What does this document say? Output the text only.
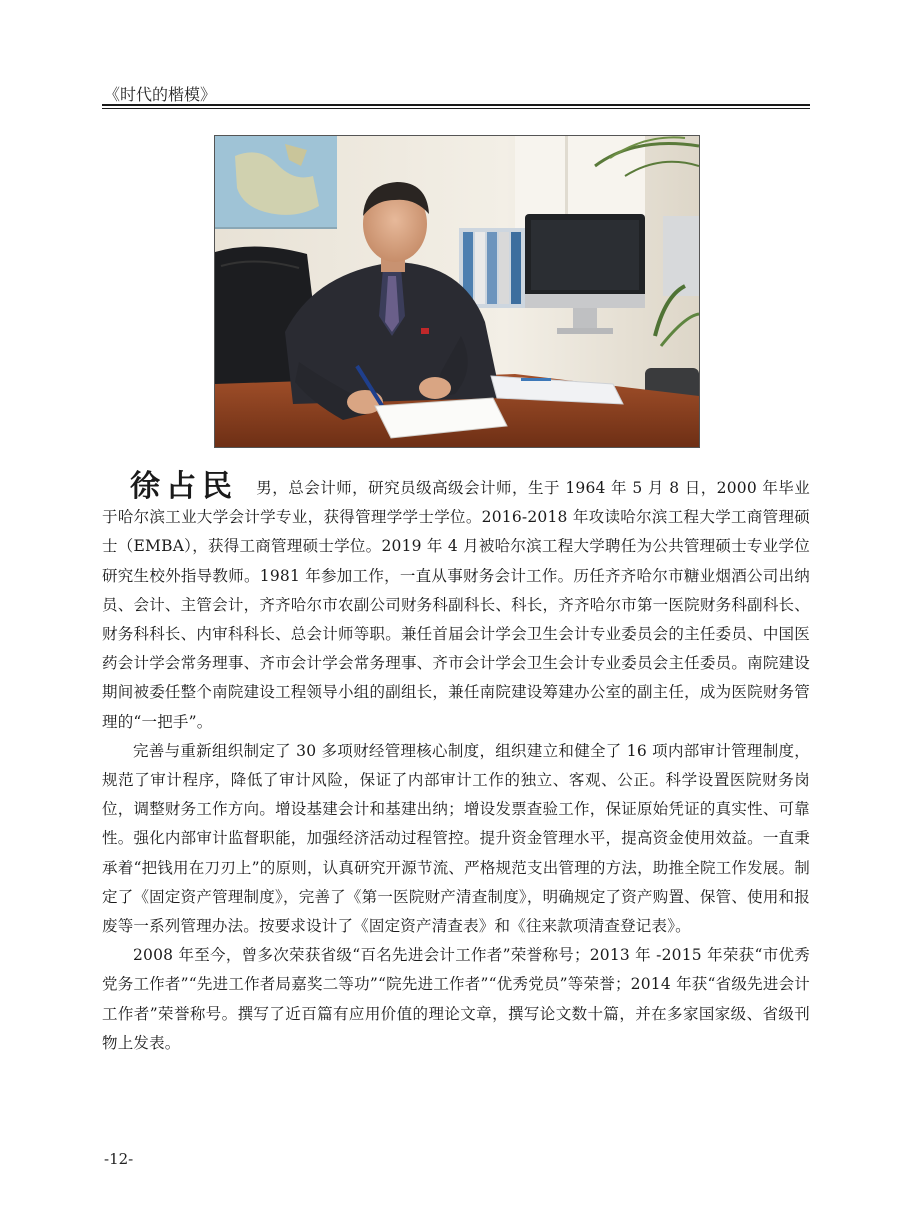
《时代的楷模》

徐占民 男，总会计师，研究员级高级会计师，生于 1964 年 5 月 8 日，2000 年毕业于哈尔滨工业大学会计学专业，获得管理学学士学位。2016-2018 年攻读哈尔滨工程大学工商管理硕士（EMBA），获得工商管理硕士学位。2019 年 4 月被哈尔滨工程大学聘任为公共管理硕士专业学位研究生校外指导教师。1981 年参加工作，一直从事财务会计工作。历任齐齐哈尔市糖业烟酒公司出纳员、会计、主管会计，齐齐哈尔市农副公司财务科副科长、科长，齐齐哈尔市第一医院财务科副科长、财务科科长、内审科科长、总会计师等职。兼任首届会计学会卫生会计专业委员会的主任委员、中国医药会计学会常务理事、齐市会计学会常务理事、齐市会计学会卫生会计专业委员会主任委员。南院建设期间被委任整个南院建设工程领导小组的副组长，兼任南院建设筹建办公室的副主任，成为医院财务管理的“一把手”。

完善与重新组织制定了 30 多项财经管理核心制度，组织建立和健全了 16 项内部审计管理制度，规范了审计程序，降低了审计风险，保证了内部审计工作的独立、客观、公正。科学设置医院财务岗位，调整财务工作方向。增设基建会计和基建出纳；增设发票查验工作，保证原始凭证的真实性、可靠性。强化内部审计监督职能，加强经济活动过程管控。提升资金管理水平，提高资金使用效益。一直秉承着“把钱用在刀刃上”的原则，认真研究开源节流、严格规范支出管理的方法，助推全院工作发展。制定了《固定资产管理制度》，完善了《第一医院财产清查制度》，明确规定了资产购置、保管、使用和报废等一系列管理办法。按要求设计了《固定资产清查表》和《往来款项清查登记表》。

2008 年至今，曾多次荣获省级“百名先进会计工作者”荣誉称号；2013 年 -2015 年荣获“市优秀党务工作者”“先进工作者局嘉奖二等功”“院先进工作者”“优秀党员”等荣誉；2014 年获“省级先进会计工作者”荣誉称号。撰写了近百篇有应用价值的理论文章，撰写论文数十篇，并在多家国家级、省级刊物上发表。

-12-
